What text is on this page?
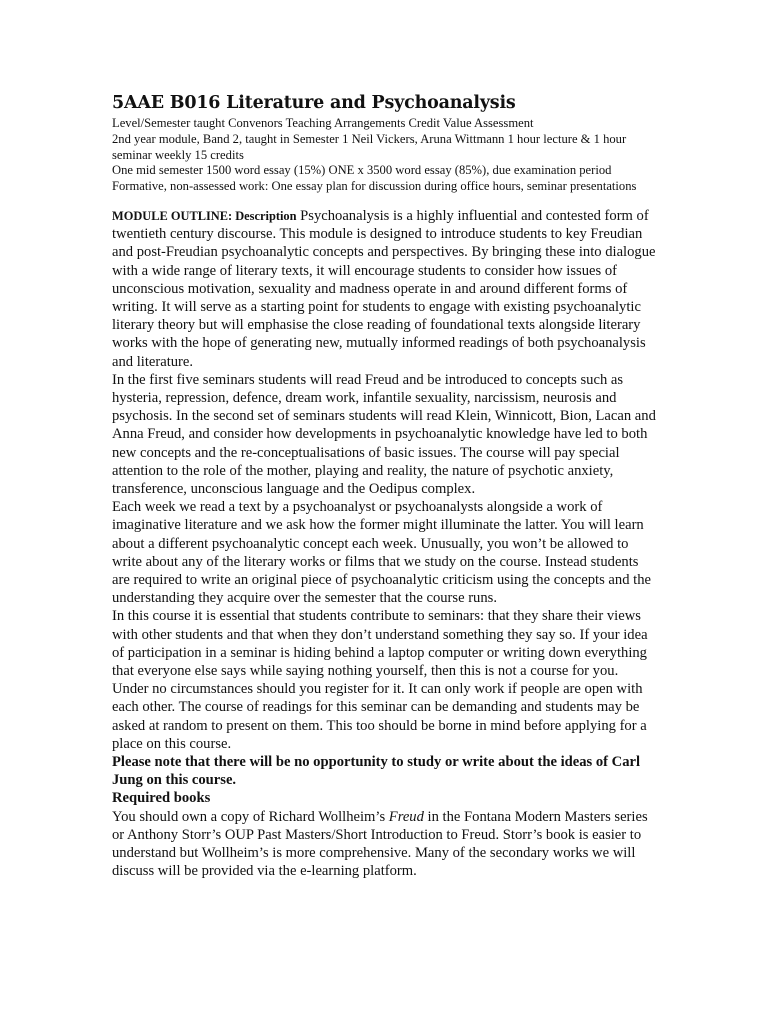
5AAE B016 Literature and Psychoanalysis

Level/Semester taught Convenors Teaching Arrangements Credit Value Assessment

2nd year module, Band 2, taught in Semester 1 Neil Vickers, Aruna Wittmann 1 hour lecture & 1 hour seminar weekly 15 credits

One mid semester 1500 word essay (15%) ONE x 3500 word essay (85%), due examination period

Formative, non-assessed work: One essay plan for discussion during office hours, seminar presentations

MODULE OUTLINE: Description Psychoanalysis is a highly influential and contested form of twentieth century discourse. This module is designed to introduce students to key Freudian and post-Freudian psychoanalytic concepts and perspectives. By bringing these into dialogue with a wide range of literary texts, it will encourage students to consider how issues of unconscious motivation, sexuality and madness operate in and around different forms of writing. It will serve as a starting point for students to engage with existing psychoanalytic literary theory but will emphasise the close reading of foundational texts alongside literary works with the hope of generating new, mutually informed readings of both psychoanalysis and literature.

In the first five seminars students will read Freud and be introduced to concepts such as hysteria, repression, defence, dream work, infantile sexuality, narcissism, neurosis and psychosis. In the second set of seminars students will read Klein, Winnicott, Bion, Lacan and Anna Freud, and consider how developments in psychoanalytic knowledge have led to both new concepts and the re-conceptualisations of basic issues. The course will pay special attention to the role of the mother, playing and reality, the nature of psychotic anxiety, transference, unconscious language and the Oedipus complex.

Each week we read a text by a psychoanalyst or psychoanalysts alongside a work of imaginative literature and we ask how the former might illuminate the latter. You will learn about a different psychoanalytic concept each week. Unusually, you won’t be allowed to write about any of the literary works or films that we study on the course. Instead students are required to write an original piece of psychoanalytic criticism using the concepts and the understanding they acquire over the semester that the course runs.

In this course it is essential that students contribute to seminars: that they share their views with other students and that when they don’t understand something they say so. If your idea of participation in a seminar is hiding behind a laptop computer or writing down everything that everyone else says while saying nothing yourself, then this is not a course for you. Under no circumstances should you register for it. It can only work if people are open with each other. The course of readings for this seminar can be demanding and students may be asked at random to present on them. This too should be borne in mind before applying for a place on this course.

Please note that there will be no opportunity to study or write about the ideas of Carl Jung on this course.

Required books

You should own a copy of Richard Wollheim’s Freud in the Fontana Modern Masters series or Anthony Storr’s OUP Past Masters/Short Introduction to Freud. Storr’s book is easier to understand but Wollheim’s is more comprehensive. Many of the secondary works we will discuss will be provided via the e-learning platform.
